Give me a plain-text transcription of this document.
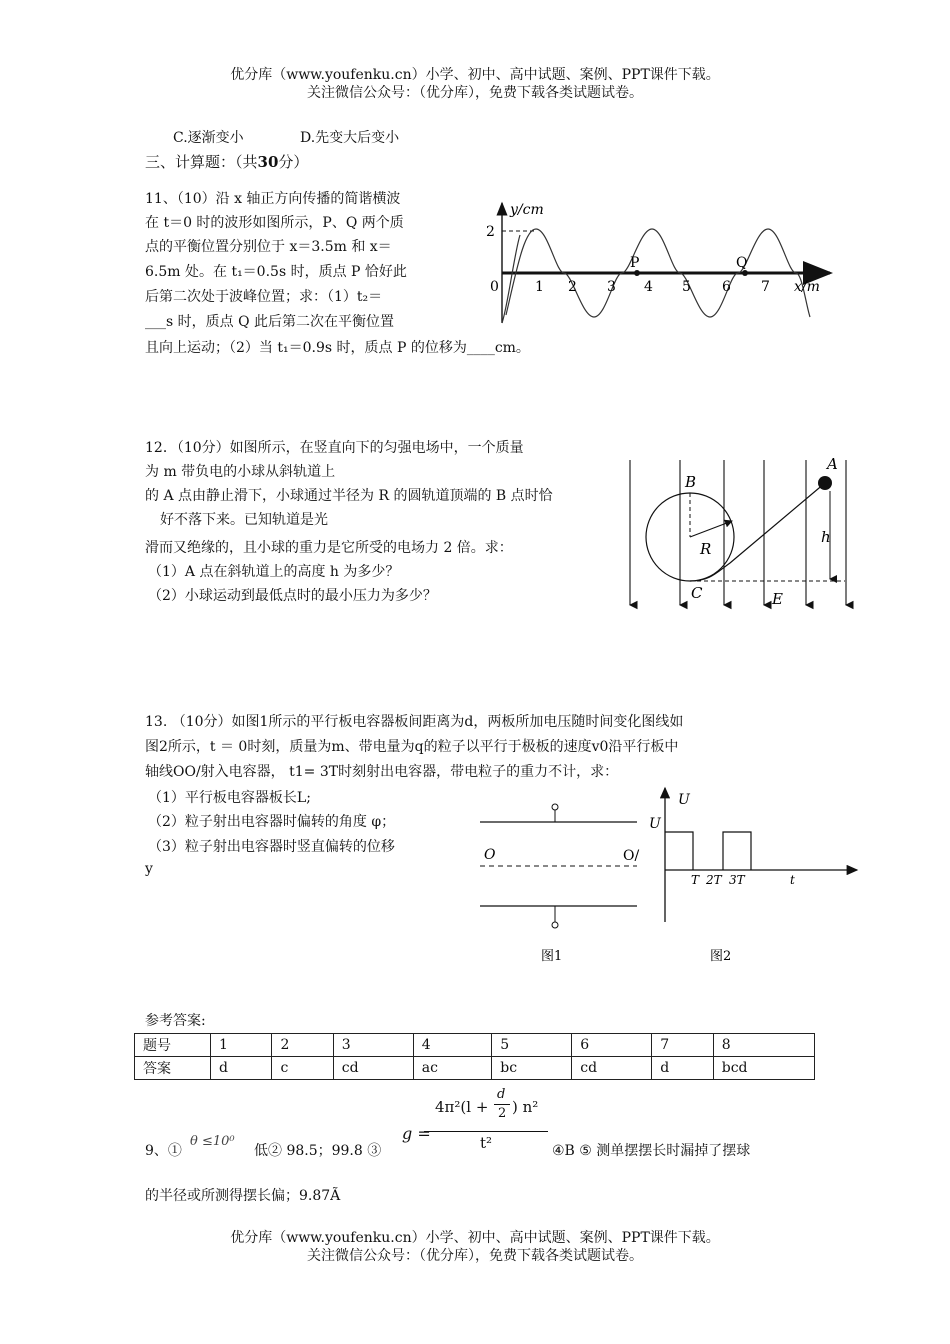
优分库（www.youfenku.cn）小学、初中、高中试题、案例、PPT课件下载。
关注微信公众号：（优分库），免费下载各类试题试卷。
C.逐渐变小	D.先变大后变小
三、计算题：（共30分）
11、（10）沿 x 轴正方向传播的简谐横波
在 t＝0 时的波形如图所示，P、Q 两个质
点的平衡位置分别位于 x＝3.5m 和 x＝
6.5m 处。在 t₁＝0.5s 时，质点 P 恰好此
后第二次处于波峰位置；求：（1）t₂＝
___s 时，质点 Q 此后第二次在平衡位置
且向上运动；（2）当 t₁＝0.9s 时，质点 P 的位移为____cm。
y/cm
2
0	1 2 3 4 5 6 7 x/m
P	Q
12．（10分）如图所示，在竖直向下的匀强电场中，一个质量
为 m 带负电的小球从斜轨道上
的 A 点由静止滑下，小球通过半径为 R 的圆轨道顶端的 B 点时恰
好不落下来。已知轨道是光
滑而又绝缘的，且小球的重力是它所受的电场力 2 倍。求：
（1）A 点在斜轨道上的高度 h 为多少？
（2）小球运动到最低点时的最小压力为多少？
A
B
R
h
C	E
13. （10分）如图1所示的平行板电容器板间距离为d，两板所加电压随时间变化图线如
图2所示，t ＝ 0时刻，质量为m、带电量为q的粒子以平行于极板的速度v0沿平行板中
轴线OO/射入电容器， t1= 3T时刻射出电容器，带电粒子的重力不计，求：
（1）平行板电容器板长L;
（2）粒子射出电容器时偏转的角度 φ；
（3）粒子射出电容器时竖直偏转的位移
y
O	O/
图1
U
U
T 2T 3T	t
图2
参考答案:
题号	1	2	3	4	5	6	7	8
答案	d	c	cd	ac	bc	cd	d	bcd
9、①
θ ≤10⁰
低② 98.5；99.8 ③
g =
4π²(l +
d
2 ) n²
t²	④B ⑤ 测单摆摆长时漏掉了摆球
的半径或所测得摆长偏；9.87Ã
优分库（www.youfenku.cn）小学、初中、高中试题、案例、PPT课件下载。
关注微信公众号：（优分库），免费下载各类试题试卷。
